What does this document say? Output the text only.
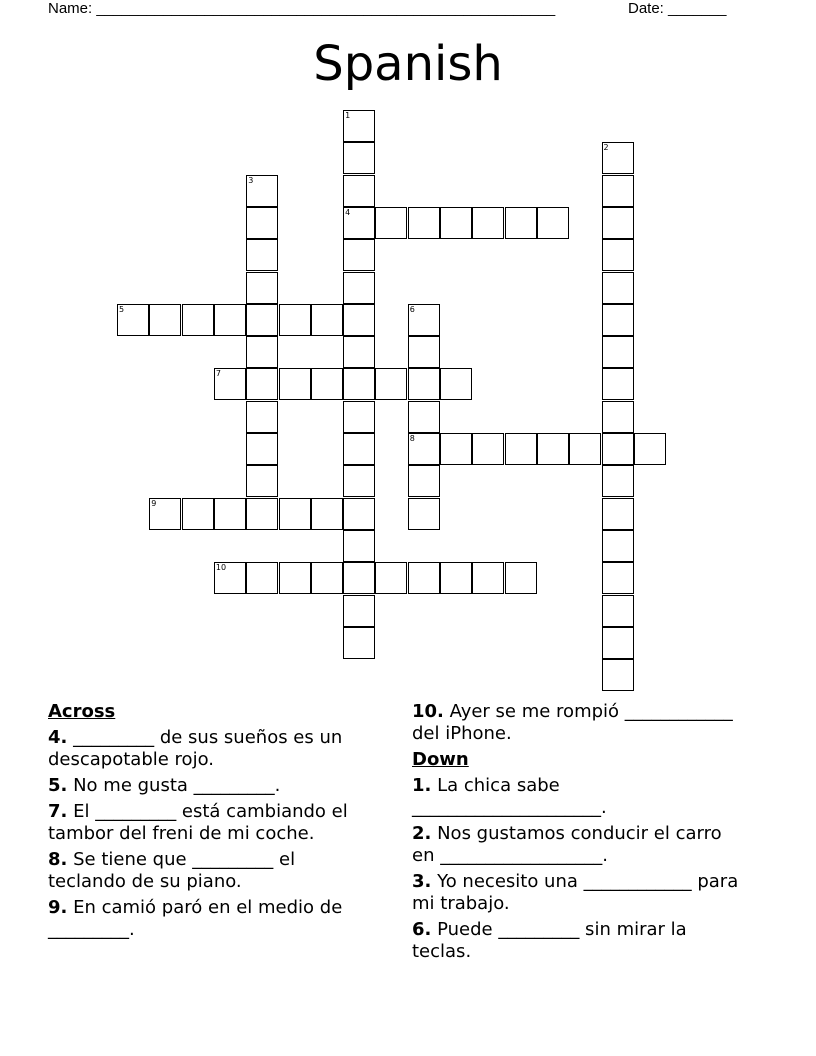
Name: _______________________________________________________	Date: _______
Spanish
1
4
2
3
5	6
8
7
9
10
Across
4. _________ de sus sueños es un descapotable rojo.
5. No me gusta _________.
7. El _________ está cambiando el tambor del freni de mi coche.
8. Se tiene que _________ el teclando de su piano.
9. En camió paró en el medio de _________.
10. Ayer se me rompió ____________ del iPhone.
Down
1. La chica sabe _____________________.
2. Nos gustamos conducir el carro en __________________.
3. Yo necesito una ____________ para mi trabajo.
6. Puede _________ sin mirar la teclas.
